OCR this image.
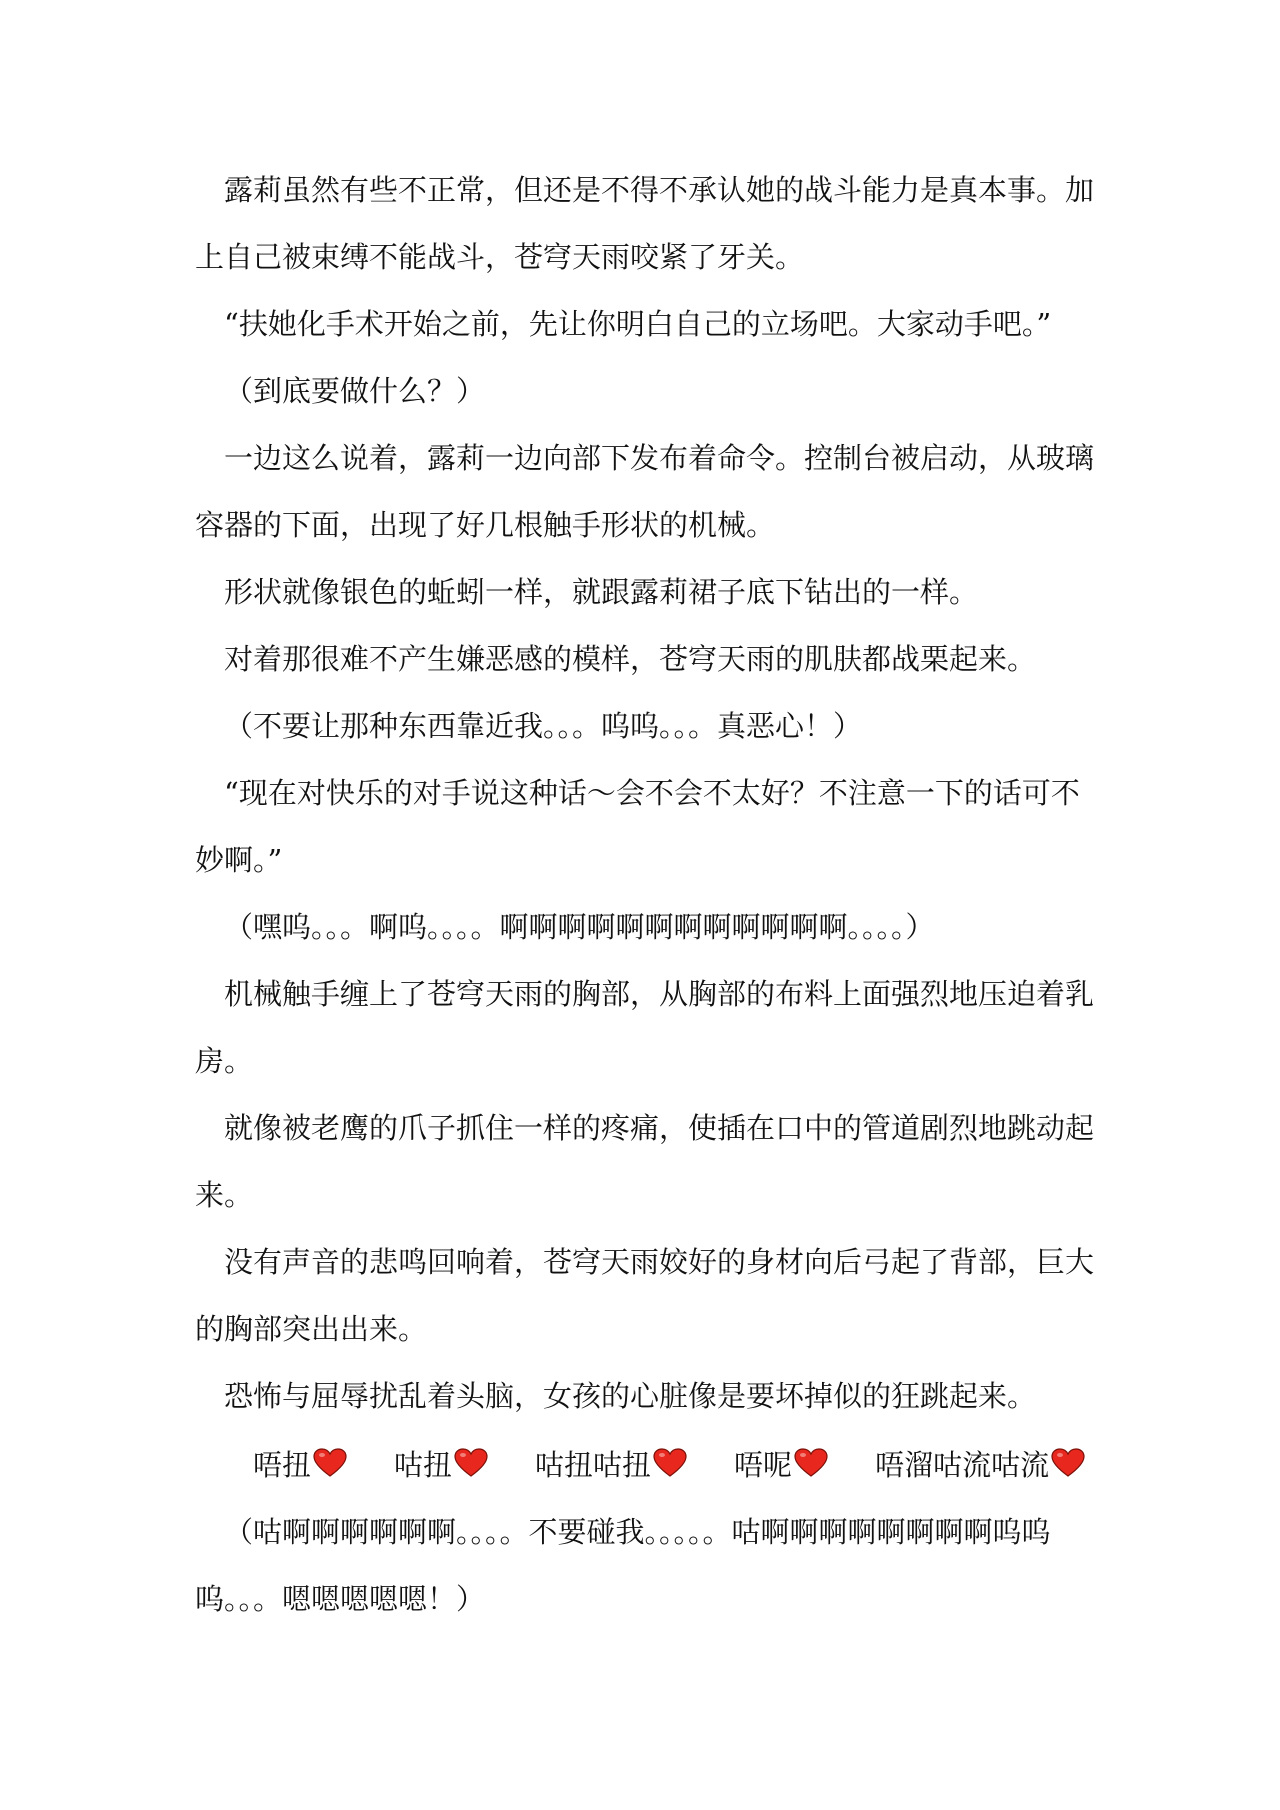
露莉虽然有些不正常，但还是不得不承认她的战斗能力是真本事。加上自己被束缚不能战斗，苍穹天雨咬紧了牙关。

“扶她化手术开始之前，先让你明白自己的立场吧。大家动手吧。”

（到底要做什么？）

一边这么说着，露莉一边向部下发布着命令。控制台被启动，从玻璃容器的下面，出现了好几根触手形状的机械。

形状就像银色的蚯蚓一样，就跟露莉裙子底下钻出的一样。

对着那很难不产生嫌恶感的模样，苍穹天雨的肌肤都战栗起来。

（不要让那种东西靠近我。。。呜呜。。。真恶心！）

“现在对快乐的对手说这种话～会不会不太好？不注意一下的话可不妙啊。”

（嘿呜。。。啊呜。。。。啊啊啊啊啊啊啊啊啊啊啊啊。。。。）

机械触手缠上了苍穹天雨的胸部，从胸部的布料上面强烈地压迫着乳房。

就像被老鹰的爪子抓住一样的疼痛，使插在口中的管道剧烈地跳动起来。

没有声音的悲鸣回响着，苍穹天雨姣好的身材向后弓起了背部，巨大的胸部突出出来。

恐怖与屈辱扰乱着头脑，女孩的心脏像是要坏掉似的狂跳起来。

唔扭	咕扭	咕扭咕扭	唔呢	唔溜咕流咕流

（咕啊啊啊啊啊啊。。。。不要碰我。。。。。咕啊啊啊啊啊啊啊啊呜呜呜。。。嗯嗯嗯嗯嗯！）
